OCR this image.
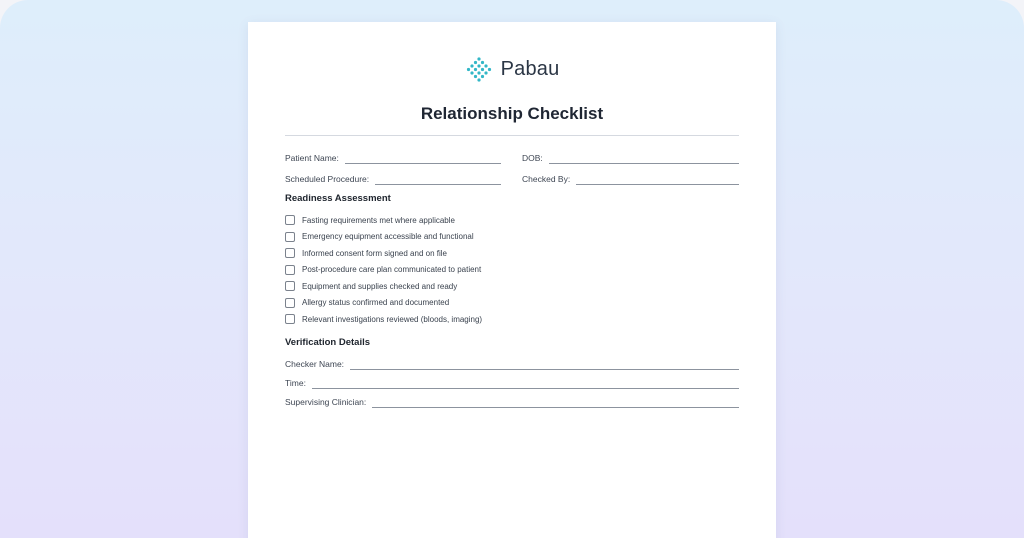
Pabau
Relationship Checklist
Patient Name:	DOB:
Scheduled Procedure:	Checked By:
Readiness Assessment
Fasting requirements met where applicable
Emergency equipment accessible and functional
Informed consent form signed and on file
Post-procedure care plan communicated to patient
Equipment and supplies checked and ready
Allergy status confirmed and documented
Relevant investigations reviewed (bloods, imaging)
Verification Details
Checker Name:
Time:
Supervising Clinician:
